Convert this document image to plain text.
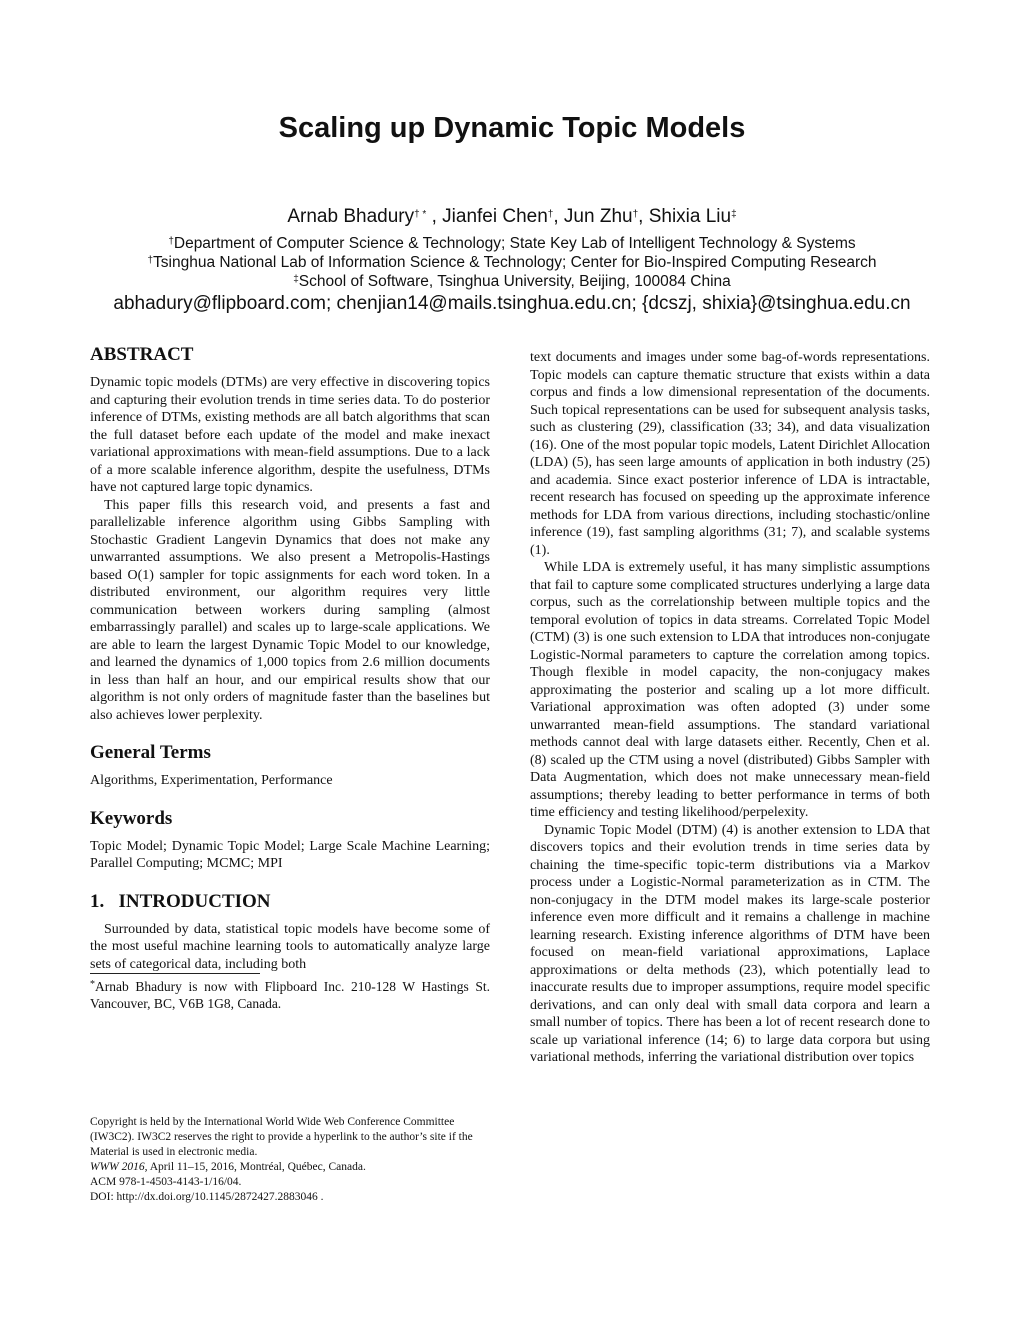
Scaling up Dynamic Topic Models
Arnab Bhadury† * , Jianfei Chen†, Jun Zhu†, Shixia Liu‡
†Department of Computer Science & Technology; State Key Lab of Intelligent Technology & Systems
†Tsinghua National Lab of Information Science & Technology; Center for Bio-Inspired Computing Research
‡School of Software, Tsinghua University, Beijing, 100084 China
abhadury@flipboard.com; chenjian14@mails.tsinghua.edu.cn; {dcszj, shixia}@tsinghua.edu.cn
ABSTRACT

Dynamic topic models (DTMs) are very effective in discovering topics and capturing their evolution trends in time series data. To do posterior inference of DTMs, existing methods are all batch algorithms that scan the full dataset before each update of the model and make inexact variational approximations with mean-field assumptions. Due to a lack of a more scalable inference algorithm, despite the usefulness, DTMs have not captured large topic dynamics.

This paper fills this research void, and presents a fast and parallelizable inference algorithm using Gibbs Sampling with Stochastic Gradient Langevin Dynamics that does not make any unwarranted assumptions. We also present a Metropolis-Hastings based O(1) sampler for topic assignments for each word token. In a distributed environment, our algorithm requires very little communication between workers during sampling (almost embarrassingly parallel) and scales up to large-scale applications. We are able to learn the largest Dynamic Topic Model to our knowledge, and learned the dynamics of 1,000 topics from 2.6 million documents in less than half an hour, and our empirical results show that our algorithm is not only orders of magnitude faster than the baselines but also achieves lower perplexity.

General Terms

Algorithms, Experimentation, Performance

Keywords

Topic Model; Dynamic Topic Model; Large Scale Machine Learning; Parallel Computing; MCMC; MPI

1.   INTRODUCTION

Surrounded by data, statistical topic models have become some of the most useful machine learning tools to automatically analyze large sets of categorical data, including both

*Arnab Bhadury is now with Flipboard Inc. 210-128 W Hastings St. Vancouver, BC, V6B 1G8, Canada.
Copyright is held by the International World Wide Web Conference Committee (IW3C2). IW3C2 reserves the right to provide a hyperlink to the author’s site if the Material is used in electronic media.
WWW 2016, April 11–15, 2016, Montréal, Québec, Canada.
ACM 978-1-4503-4143-1/16/04.
DOI: http://dx.doi.org/10.1145/2872427.2883046 .

text documents and images under some bag-of-words representations. Topic models can capture thematic structure that exists within a data corpus and finds a low dimensional representation of the documents. Such topical representations can be used for subsequent analysis tasks, such as clustering (29), classification (33; 34), and data visualization (16). One of the most popular topic models, Latent Dirichlet Allocation (LDA) (5), has seen large amounts of application in both industry (25) and academia. Since exact posterior inference of LDA is intractable, recent research has focused on speeding up the approximate inference methods for LDA from various directions, including stochastic/online inference (19), fast sampling algorithms (31; 7), and scalable systems (1).

While LDA is extremely useful, it has many simplistic assumptions that fail to capture some complicated structures underlying a large data corpus, such as the correlationship between multiple topics and the temporal evolution of topics in data streams. Correlated Topic Model (CTM) (3) is one such extension to LDA that introduces non-conjugate Logistic-Normal parameters to capture the correlation among topics. Though flexible in model capacity, the non-conjugacy makes approximating the posterior and scaling up a lot more difficult. Variational approximation was often adopted (3) under some unwarranted mean-field assumptions. The standard variational methods cannot deal with large datasets either. Recently, Chen et al. (8) scaled up the CTM using a novel (distributed) Gibbs Sampler with Data Augmentation, which does not make unnecessary mean-field assumptions; thereby leading to better performance in terms of both time efficiency and testing likelihood/perpelexity.

Dynamic Topic Model (DTM) (4) is another extension to LDA that discovers topics and their evolution trends in time series data by chaining the time-specific topic-term distributions via a Markov process under a Logistic-Normal parameterization as in CTM. The non-conjugacy in the DTM model makes its large-scale posterior inference even more difficult and it remains a challenge in machine learning research. Existing inference algorithms of DTM have been focused on mean-field variational approximations, Laplace approximations or delta methods (23), which potentially lead to inaccurate results due to improper assumptions, require model specific derivations, and can only deal with small data corpora and learn a small number of topics. There has been a lot of recent research done to scale up variational inference (14; 6) to large data corpora but using variational methods, inferring the variational distribution over topics
